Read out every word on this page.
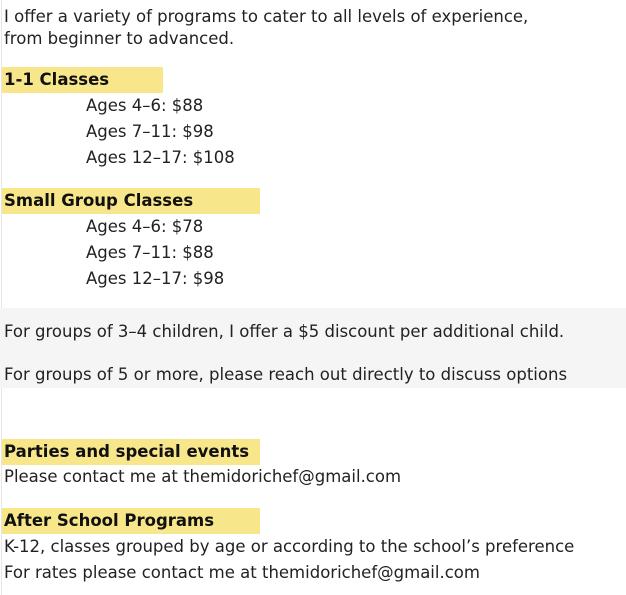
I offer a variety of programs to cater to all levels of experience,
from beginner to advanced.
1-1 Classes
Ages 4–6: $88
Ages 7–11: $98
Ages 12–17: $108
Small Group Classes
Ages 4–6: $78
Ages 7–11: $88
Ages 12–17: $98
For groups of 3–4 children, I offer a $5 discount per additional child.
For groups of 5 or more, please reach out directly to discuss options
Parties and special events
Please contact me at themidorichef@gmail.com
After School Programs
K-12, classes grouped by age or according to the school’s preference
For rates please contact me at themidorichef@gmail.com
